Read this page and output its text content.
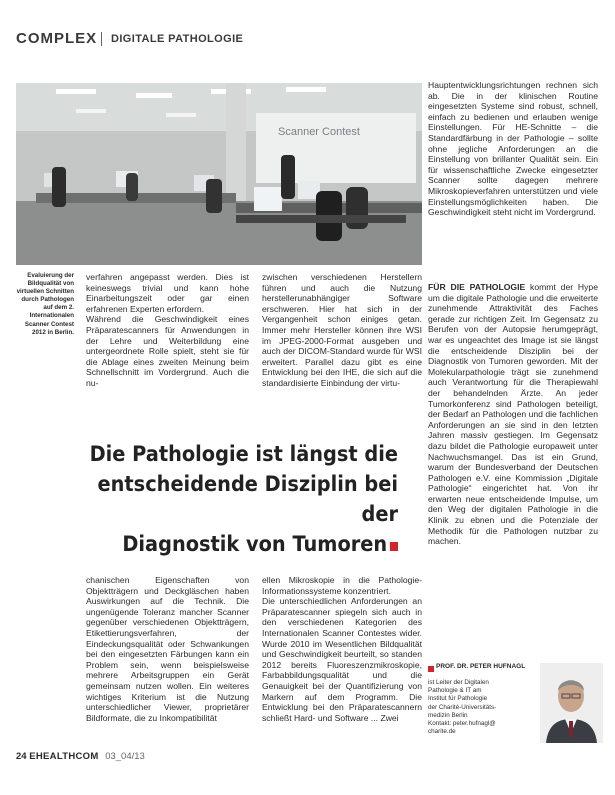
COMPLEX DIGITALE PATHOLOGIE
Scanner Contest
Evaluierung der Bildqualität von virtuellen Schnitten durch Pathologen auf dem 2. Internationalen Scanner Contest 2012 in Berlin.
verfahren angepasst werden. Dies ist keineswegs trivial und kann hohe Einarbeitungszeit oder gar einen erfahrenen Experten erfordern.
Während die Geschwindigkeit eines Präparatescanners für Anwendungen in der Lehre und Weiterbildung eine untergeordnete Rolle spielt, steht sie für die Ablage eines zweiten Meinung beim Schnellschnitt im Vordergrund. Auch die nu-
zwischen verschiedenen Herstellern führen und auch die Nutzung herstellerunabhängiger Software erschweren. Hier hat sich in der Vergangenheit schon einiges getan. Immer mehr Hersteller können ihre WSI im JPEG-2000-Format ausgeben und auch der DICOM-Standard wurde für WSI erweitert. Parallel dazu gibt es eine Entwicklung bei den IHE, die sich auf die standardisierte Einbindung der virtu-
Hauptentwicklungsrichtungen rechnen sich ab. Die in der klinischen Routine eingesetzten Systeme sind robust, schnell, einfach zu bedienen und erlauben wenige Einstellungen. Für HE-Schnitte – die Standardfärbung in der Pathologie – sollte ohne jegliche Anforderungen an die Einstellung von brillanter Qualität sein. Ein für wissenschaftliche Zwecke eingesetzter Scanner sollte dagegen mehrere Mikroskopieverfahren unterstützen und viele Einstellungsmöglichkeiten haben. Die Geschwindigkeit steht nicht im Vordergrund.
FÜR DIE PATHOLOGIE kommt der Hype um die digitale Pathologie und die erweiterte zunehmende Attraktivität des Faches gerade zur richtigen Zeit. Im Gegensatz zu Berufen von der Autopsie herumgeprägt, war es ungeachtet des Image ist sie längst die entscheidende Disziplin bei der Diagnostik von Tumoren geworden. Mit der Molekularpathologie trägt sie zunehmend auch Verantwortung für die Therapiewahl der behandelnden Ärzte. An jeder Tumorkonferenz sind Pathologen beteiligt, der Bedarf an Pathologen und die fachlichen Anforderungen an sie sind in den letzten Jahren massiv gestiegen. Im Gegensatz dazu bildet die Pathologie europaweit unter Nachwuchsmangel. Das ist ein Grund, warum der Bundesverband der Deutschen Pathologen e.V. eine Kommission „Digitale Pathologie“ eingerichtet hat. Von ihr erwarten neue entscheidende Impulse, um den Weg der digitalen Pathologie in die Klinik zu ebnen und die Potenziale der Methodik für die Pathologen nutzbar zu machen.
Die Pathologie ist längst die
entscheidende Disziplin bei der
Diagnostik von Tumoren
chanischen Eigenschaften von Objektträgern und Deckgläschen haben Auswirkungen auf die Technik. Die ungenügende Toleranz mancher Scanner gegenüber verschiedenen Objektträgern, Etikettierungsverfahren, der Eindeckungsqualität oder Schwankungen bei den eingesetzten Färbungen kann ein Problem sein, wenn beispielsweise mehrere Arbeitsgruppen ein Gerät gemeinsam nutzen wollen. Ein weiteres wichtiges Kriterium ist die Nutzung unterschiedlicher Viewer, proprietärer Bildformate, die zu Inkompatibilität
ellen Mikroskopie in die Pathologie-Informationssysteme konzentriert.
Die unterschiedlichen Anforderungen an Präparatescanner spiegeln sich auch in den verschiedenen Kategorien des Internationalen Scanner Contestes wider. Wurde 2010 im Wesentlichen Bildqualität und Geschwindigkeit beurteilt, so standen 2012 bereits Fluoreszenzmikroskopie, Farbabbildungsqualität und die Genauigkeit bei der Quantifizierung von Markern auf dem Programm. Die Entwicklung bei den Präparatescannern schließt Hard- und Software ... Zwei
PROF. DR. PETER HUFNAGL
ist Leiter der Digitalen
Pathologie & IT am
Institut für Pathologie
der Charité-Universitäts-
medizin Berlin
Kontakt: peter.hufnagl@
charite.de
24 EHEALTHCOM 03_04/13
